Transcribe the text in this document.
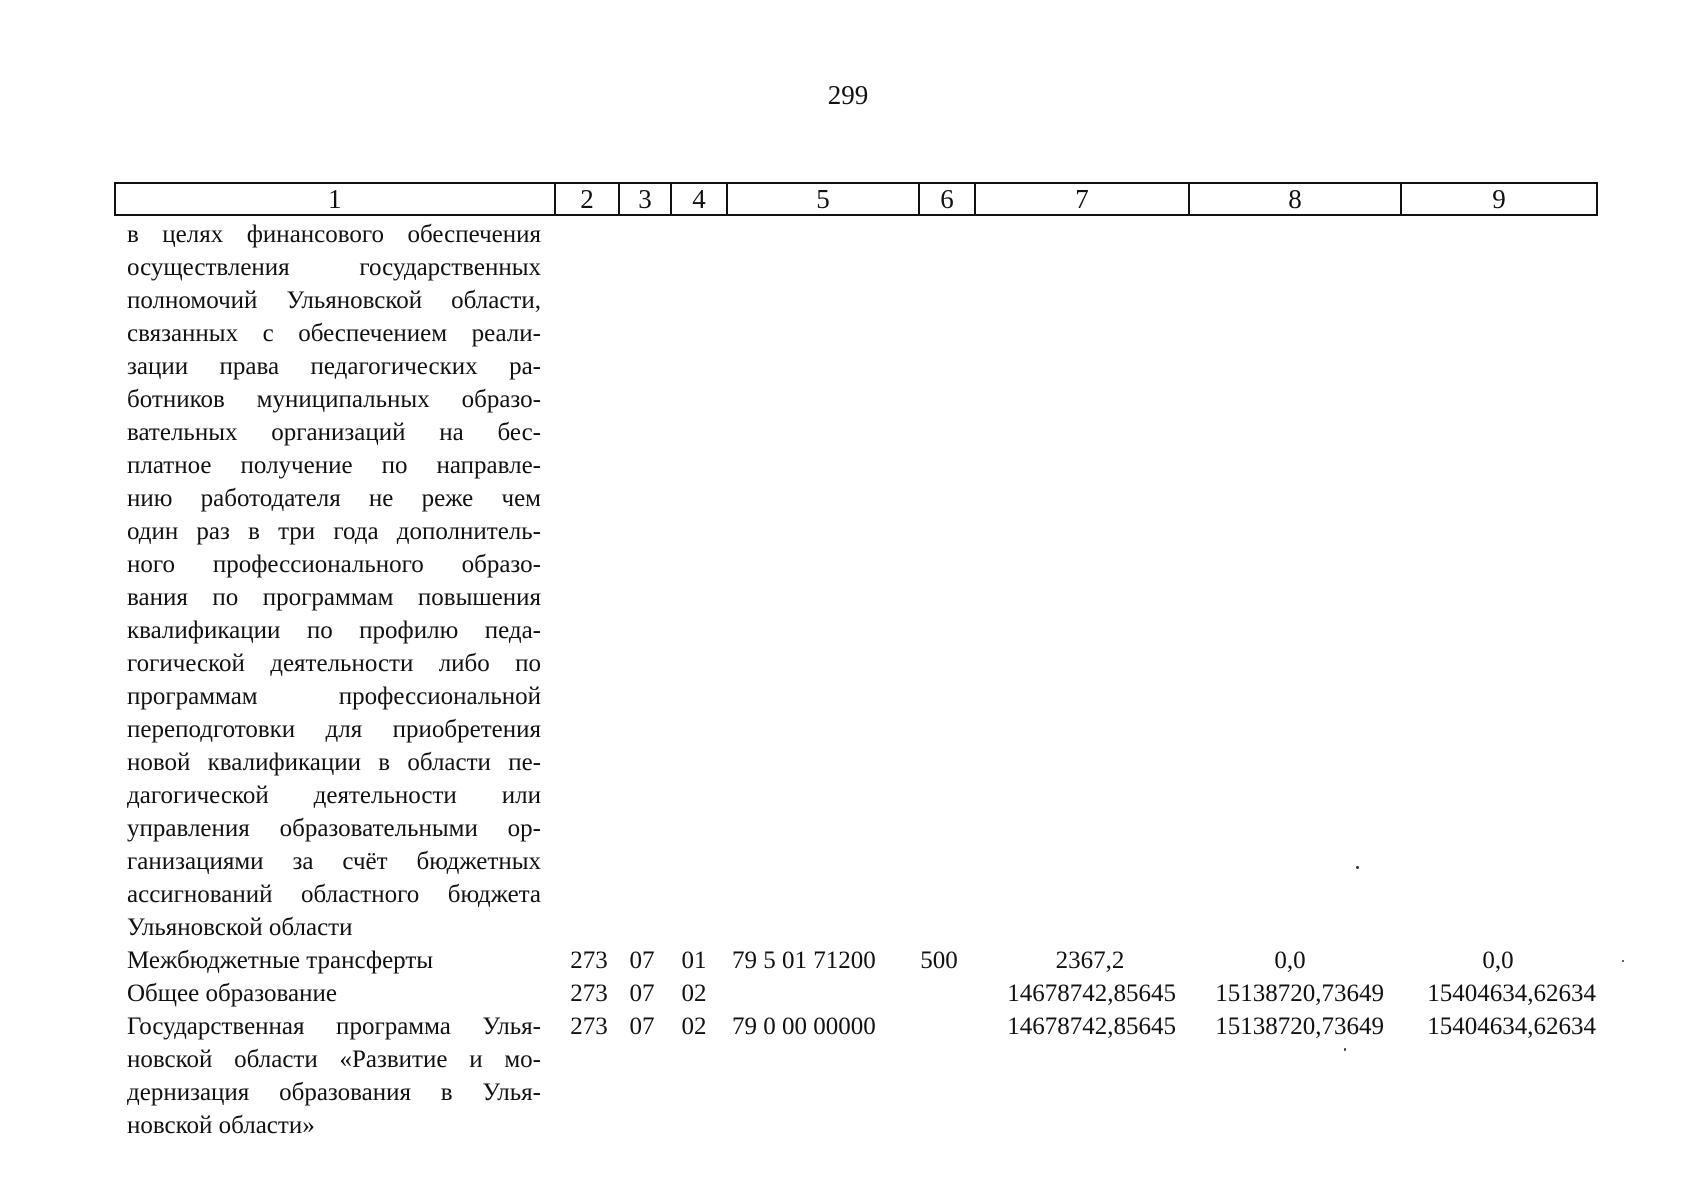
299
1	2	3	4	5	6	7	8	9
в целях финансового обеспечения
осуществления государственных
полномочий Ульяновской области,
связанных с обеспечением реали-
зации права педагогических ра-
ботников муниципальных образо-
вательных организаций на бес-
платное получение по направле-
нию работодателя не реже чем
один раз в три года дополнитель-
ного профессионального образо-
вания по программам повышения
квалификации по профилю педа-
гогической деятельности либо по
программам профессиональной
переподготовки для приобретения
новой квалификации в области пе-
дагогической деятельности или
управления образовательными ор-
ганизациями за счёт бюджетных
ассигнований областного бюджета
Ульяновской области
Межбюджетные трансферты	273 07 01 79 5 01 71200	500	2367,2	0,0	0,0
Общее образование	273 07 02	14678742,85645	15138720,73649	15404634,62634
Государственная программа Улья-
новской области «Развитие и мо-
дернизация образования в Улья-
новской области»
273 07 02 79 0 00 00000	14678742,85645	15138720,73649	15404634,62634
